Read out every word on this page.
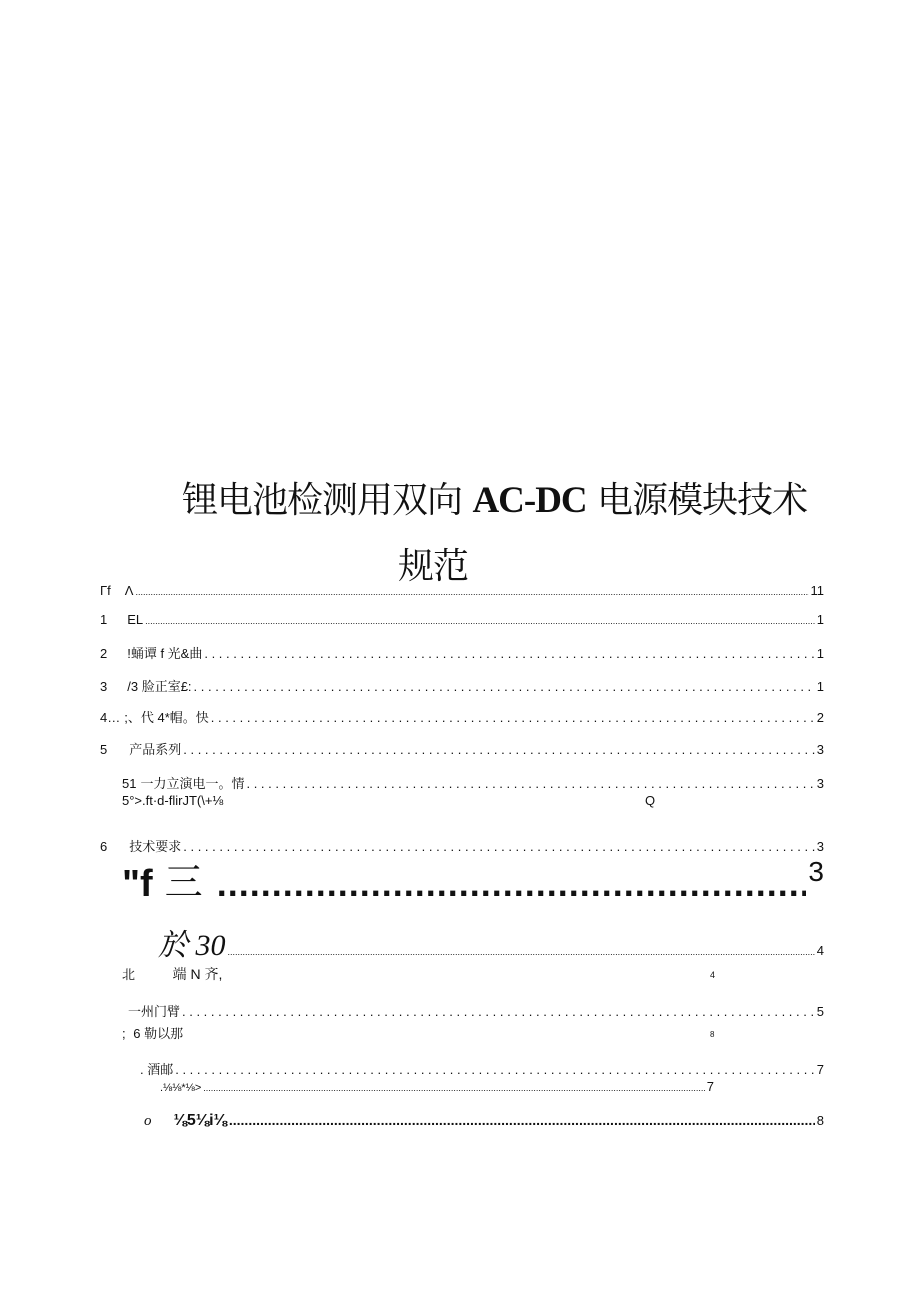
锂电池检测用双向 AC-DC 电源模块技术
规范
Γf Λ .....	11
1 EL .....	1
2 !蛹谭 f 光&曲 . . .	1
3 /3 脸正室£: . . .	1
4… ;、代 4*帽。快 . . .	2
5 产品系列 . . .	3
51 一力立演电一。情 . . .	3
5°>.ft·d-flirJT(\+⅛	Q
6 技术要求 . . .	3
"f 三 .....	3
於 30 .....	4
北	端 N 齐,	4
一州门臂 . . .	5
; 6 勒以那	8
. 酒邮 . . .	7
.⅛⅛*⅛> .....	7
o ⅛5⅛i⅛ .....	8
